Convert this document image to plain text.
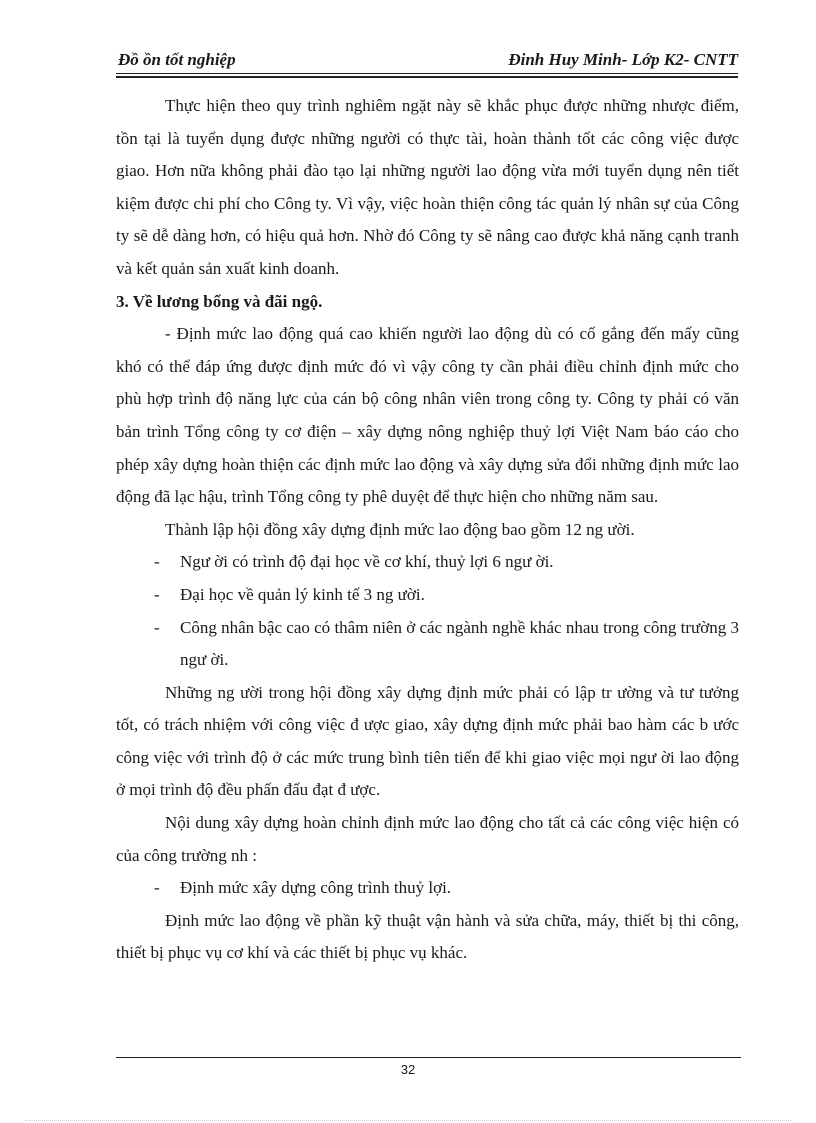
Đồ ồn tốt nghiệp	Đinh Huy Minh- Lớp K2- CNTT

Thực hiện theo quy trình nghiêm ngặt này sẽ khắc phục được những nhược điểm, tồn tại là tuyển dụng được những người có thực tài, hoàn thành tốt các công việc được giao. Hơn nữa không phải đào tạo lại những người lao động vừa mới tuyển dụng nên tiết kiệm được chi phí cho Công ty. Vì vậy, việc hoàn thiện công tác quản lý nhân sự của Công ty sẽ dễ dàng hơn, có hiệu quả hơn. Nhờ đó Công ty sẽ nâng cao được khả năng cạnh tranh và kết quản sản xuất kinh doanh.

3. Về lương bổng và đãi ngộ.

- Định mức lao động quá cao khiến người lao động dù có cố gắng đến mấy cũng khó có thể đáp ứng được định mức đó vì vậy công ty cần phải điều chỉnh định mức cho phù hợp trình độ năng lực của cán bộ công nhân viên trong công ty. Công ty phải có văn bản trình Tổng công ty cơ điện – xây dựng nông nghiệp thuỷ lợi Việt Nam báo cáo cho phép xây dựng hoàn thiện các định mức lao động và xây dựng sửa đổi những định mức lao động đã lạc hậu, trình Tổng công ty phê duyệt để thực hiện cho những năm sau.

Thành lập hội đồng xây dựng định mức lao động bao gồm 12 ng ười.

- Ngư ời có trình độ đại học về cơ khí, thuỷ lợi 6 ngư ời.

- Đại học về quản lý kinh tế 3 ng ười.

- Công nhân bậc cao có thâm niên ở các ngành nghề khác nhau trong công trường 3 ngư ời.

Những ng ười trong hội đồng xây dựng định mức phải có lập tr ường và tư tưởng tốt, có trách nhiệm với công việc đ ược giao, xây dựng định mức phải bao hàm các b ước công việc với trình độ ở các mức trung bình tiên tiến để khi giao việc mọi ngư ời lao động ở mọi trình độ đều phấn đấu đạt đ ược.

Nội dung xây dựng hoàn chỉnh định mức lao động cho tất cả các công việc hiện có của công trường nh :

- Định mức xây dựng công trình thuỷ lợi.

Định mức lao động về phần kỹ thuật vận hành và sửa chữa, máy, thiết bị thi công, thiết bị phục vụ cơ khí và các thiết bị phục vụ khác.

32
